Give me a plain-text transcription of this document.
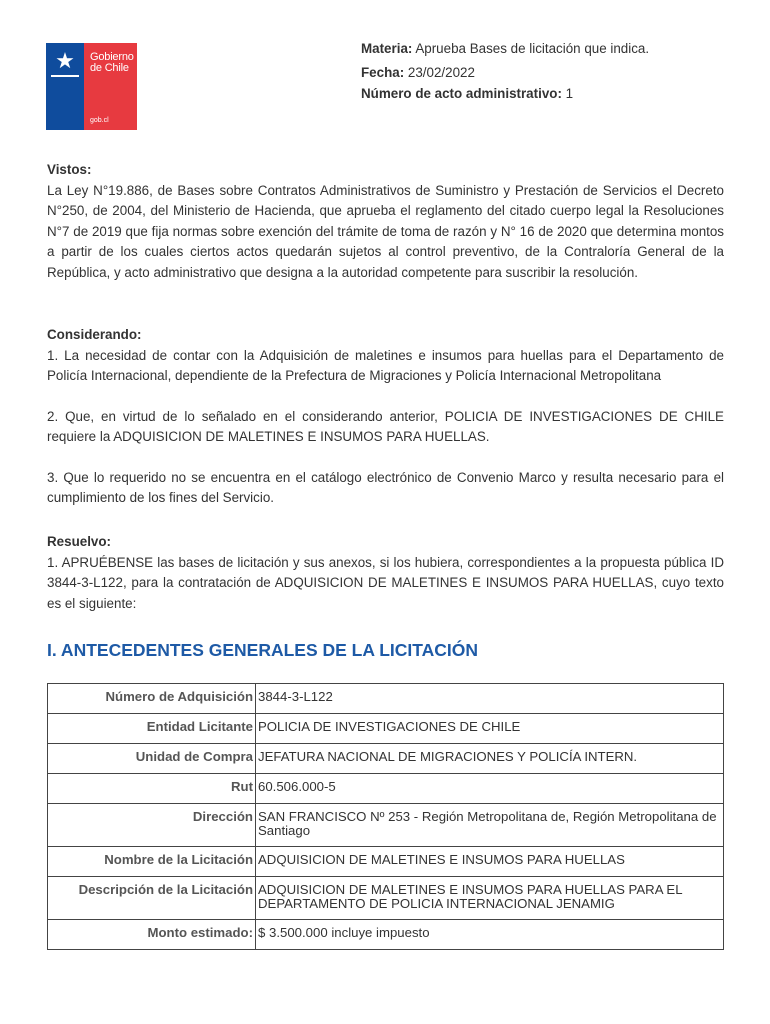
★	Gobierno
de Chile
gob.cl
Materia: Aprueba Bases de licitación que indica.
Fecha: 23/02/2022
Número de acto administrativo: 1
Vistos:

La Ley N°19.886, de Bases sobre Contratos Administrativos de Suministro y Prestación de Servicios el Decreto N°250, de 2004, del Ministerio de Hacienda, que aprueba el reglamento del citado cuerpo legal la Resoluciones N°7 de 2019 que fija normas sobre exención del trámite de toma de razón y N° 16 de 2020 que determina montos a partir de los cuales ciertos actos quedarán sujetos al control preventivo, de la Contraloría General de la República, y acto administrativo que designa a la autoridad competente para suscribir la resolución.

Considerando:

1. La necesidad de contar con la Adquisición de maletines e insumos para huellas para el Departamento de Policía Internacional, dependiente de la Prefectura de Migraciones y Policía Internacional Metropolitana

2. Que, en virtud de lo señalado en el considerando anterior, POLICIA DE INVESTIGACIONES DE CHILE requiere la ADQUISICION DE MALETINES E INSUMOS PARA HUELLAS.

3. Que lo requerido no se encuentra en el catálogo electrónico de Convenio Marco y resulta necesario para el cumplimiento de los fines del Servicio.

Resuelvo:

1. APRUÉBENSE las bases de licitación y sus anexos, si los hubiera, correspondientes a la propuesta pública ID 3844-3-L122, para la contratación de ADQUISICION DE MALETINES E INSUMOS PARA HUELLAS, cuyo texto es el siguiente:

I. ANTECEDENTES GENERALES DE LA LICITACIÓN
Número de Adquisición	3844-3-L122
Entidad Licitante	POLICIA DE INVESTIGACIONES DE CHILE
Unidad de Compra	JEFATURA NACIONAL DE MIGRACIONES Y POLICÍA INTERN.
Rut	60.506.000-5
Dirección	SAN FRANCISCO Nº 253 - Región Metropolitana de, Región Metropolitana de Santiago
Nombre de la Licitación	ADQUISICION DE MALETINES E INSUMOS PARA HUELLAS
Descripción de la Licitación	ADQUISICION DE MALETINES E INSUMOS PARA HUELLAS PARA EL DEPARTAMENTO DE POLICIA INTERNACIONAL JENAMIG
Monto estimado:	$ 3.500.000 incluye impuesto
